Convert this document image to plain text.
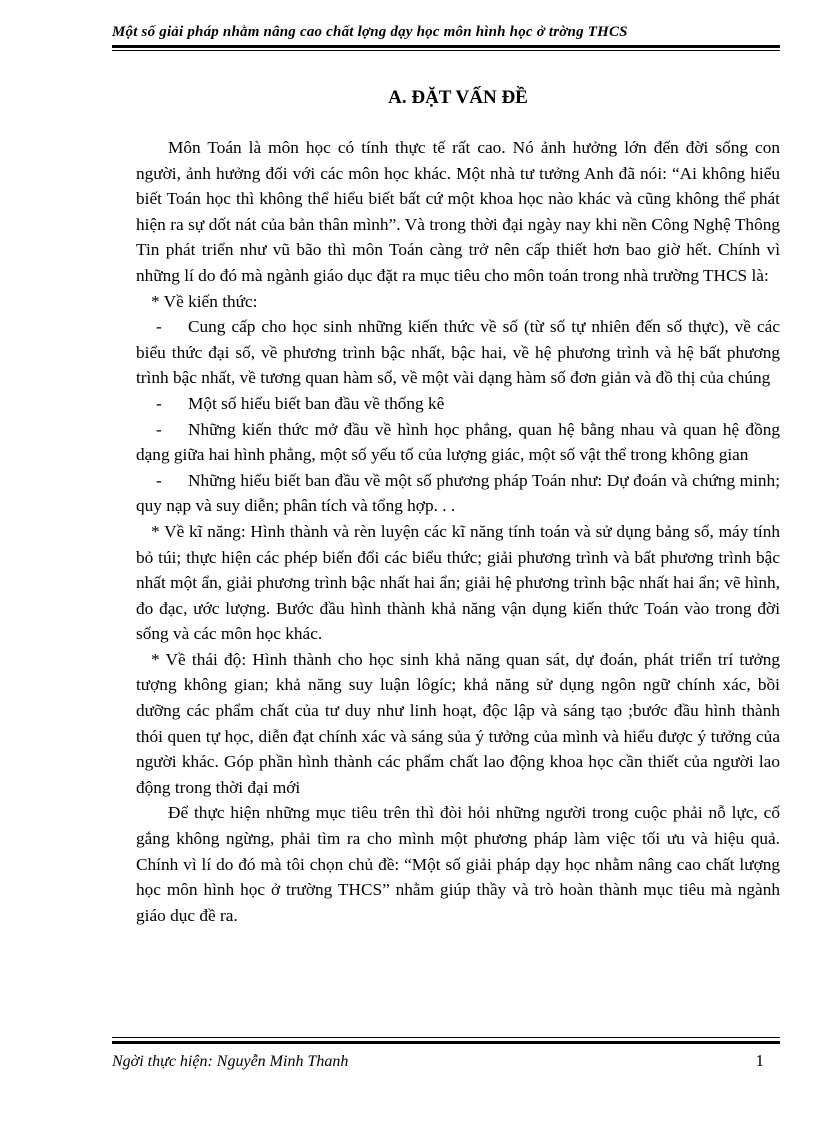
Một số giải pháp nhằm nâng cao chất lợng dạy học môn hình học ở trờng THCS
A. ĐẶT VẤN ĐỀ

Môn Toán là môn học có tính thực tế rất cao. Nó ảnh hưởng lớn đến đời sống con người, ảnh hưởng đối với các môn học khác. Một nhà tư tưởng Anh đã nói: “Ai không hiểu biết Toán học thì không thể hiểu biết bất cứ một khoa học nào khác và cũng không thể phát hiện ra sự dốt nát của bản thân mình”. Và trong thời đại ngày nay khi nền Công Nghệ Thông Tin phát triển như vũ bão thì môn Toán càng trở nên cấp thiết hơn bao giờ hết. Chính vì những lí do đó mà ngành giáo dục đặt ra mục tiêu cho môn toán trong nhà trường THCS là:

* Về kiến thức:

- Cung cấp cho học sinh những kiến thức về số (từ số tự nhiên đến số thực), về các biểu thức đại số, về phương trình bậc nhất, bậc hai, về hệ phương trình và hệ bất phương trình bậc nhất, về tương quan hàm số, về một vài dạng hàm số đơn giản và đồ thị của chúng

- Một số hiểu biết ban đầu về thống kê

- Những kiến thức mở đầu về hình học phẳng, quan hệ bằng nhau và quan hệ đồng dạng giữa hai hình phẳng, một số yếu tố của lượng giác, một số vật thể trong không gian

- Những hiểu biết ban đầu về một số phương pháp Toán như: Dự đoán và chứng minh; quy nạp và suy diễn; phân tích và tổng hợp. . .

* Về kĩ năng: Hình thành và rèn luyện các kĩ năng tính toán và sử dụng bảng số, máy tính bỏ túi; thực hiện các phép biến đổi các biểu thức; giải phương trình và bất phương trình bậc nhất một ẩn, giải phương trình bậc nhất hai ẩn; giải hệ phương trình bậc nhất hai ẩn; vẽ hình, đo đạc, ước lượng. Bước đầu hình thành khả năng vận dụng kiến thức Toán vào trong đời sống và các môn học khác.

* Về thái độ: Hình thành cho học sinh khả năng quan sát, dự đoán, phát triển trí tưởng tượng không gian; khả năng suy luận lôgíc; khả năng sử dụng ngôn ngữ chính xác, bồi dưỡng các phẩm chất của tư duy như linh hoạt, độc lập và sáng tạo ;bước đầu hình thành thói quen tự học, diễn đạt chính xác và sáng sủa ý tưởng của mình và hiểu được ý tưởng của người khác. Góp phần hình thành các phẩm chất lao động khoa học cần thiết của người lao động trong thời đại mới

Để thực hiện những mục tiêu trên thì đòi hỏi những người trong cuộc phải nỗ lực, cố gắng không ngừng, phải tìm ra cho mình một phương pháp làm việc tối ưu và hiệu quả. Chính vì lí do đó mà tôi chọn chủ đề: “Một số giải pháp dạy học nhằm nâng cao chất lượng học môn hình học ở trường THCS” nhằm giúp thầy và trò hoàn thành mục tiêu mà ngành giáo dục đề ra.

Ngời thực hiện: Nguyễn Minh Thanh	1
